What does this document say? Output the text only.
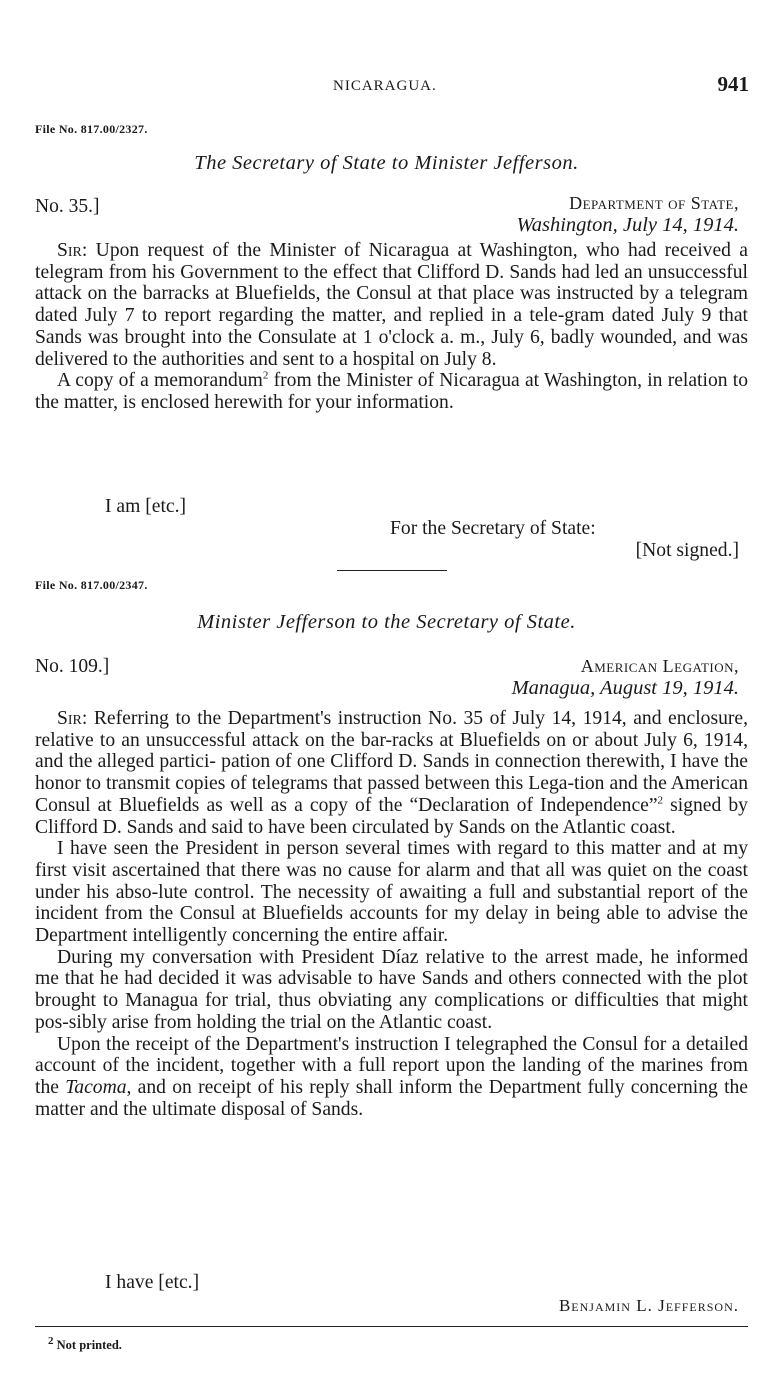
NICARAGUA.	941
File No. 817.00/2327.
The Secretary of State to Minister Jefferson.
No. 35.]	Department of State,
Washington, July 14, 1914.

Sir: Upon request of the Minister of Nicaragua at Washington, who had received a telegram from his Government to the effect that Clifford D. Sands had led an unsuccessful attack on the barracks at Bluefields, the Consul at that place was instructed by a telegram dated July 7 to report regarding the matter, and replied in a tele-gram dated July 9 that Sands was brought into the Consulate at 1 o'clock a. m., July 6, badly wounded, and was delivered to the authorities and sent to a hospital on July 8.

A copy of a memorandum$^2$ from the Minister of Nicaragua at Washington, in relation to the matter, is enclosed herewith for your information.

I am [etc.]
For the Secretary of State:
[Not signed.]
File No. 817.00/2347.
Minister Jefferson to the Secretary of State.
No. 109.]	American Legation,
Managua, August 19, 1914.

Sir: Referring to the Department's instruction No. 35 of July 14, 1914, and enclosure, relative to an unsuccessful attack on the bar-racks at Bluefields on or about July 6, 1914, and the alleged partici- pation of one Clifford D. Sands in connection therewith, I have the honor to transmit copies of telegrams that passed between this Lega-tion and the American Consul at Bluefields as well as a copy of the “Declaration of Independence”$^2$ signed by Clifford D. Sands and said to have been circulated by Sands on the Atlantic coast.

I have seen the President in person several times with regard to this matter and at my first visit ascertained that there was no cause for alarm and that all was quiet on the coast under his abso-lute control. The necessity of awaiting a full and substantial report of the incident from the Consul at Bluefields accounts for my delay in being able to advise the Department intelligently concerning the entire affair.

During my conversation with President Díaz relative to the arrest made, he informed me that he had decided it was advisable to have Sands and others connected with the plot brought to Managua for trial, thus obviating any complications or difficulties that might pos-sibly arise from holding the trial on the Atlantic coast.

Upon the receipt of the Department's instruction I telegraphed the Consul for a detailed account of the incident, together with a full report upon the landing of the marines from the Tacoma, and on receipt of his reply shall inform the Department fully concerning the matter and the ultimate disposal of Sands.

I have [etc.]
Benjamin L. Jefferson.
2 Not printed.
